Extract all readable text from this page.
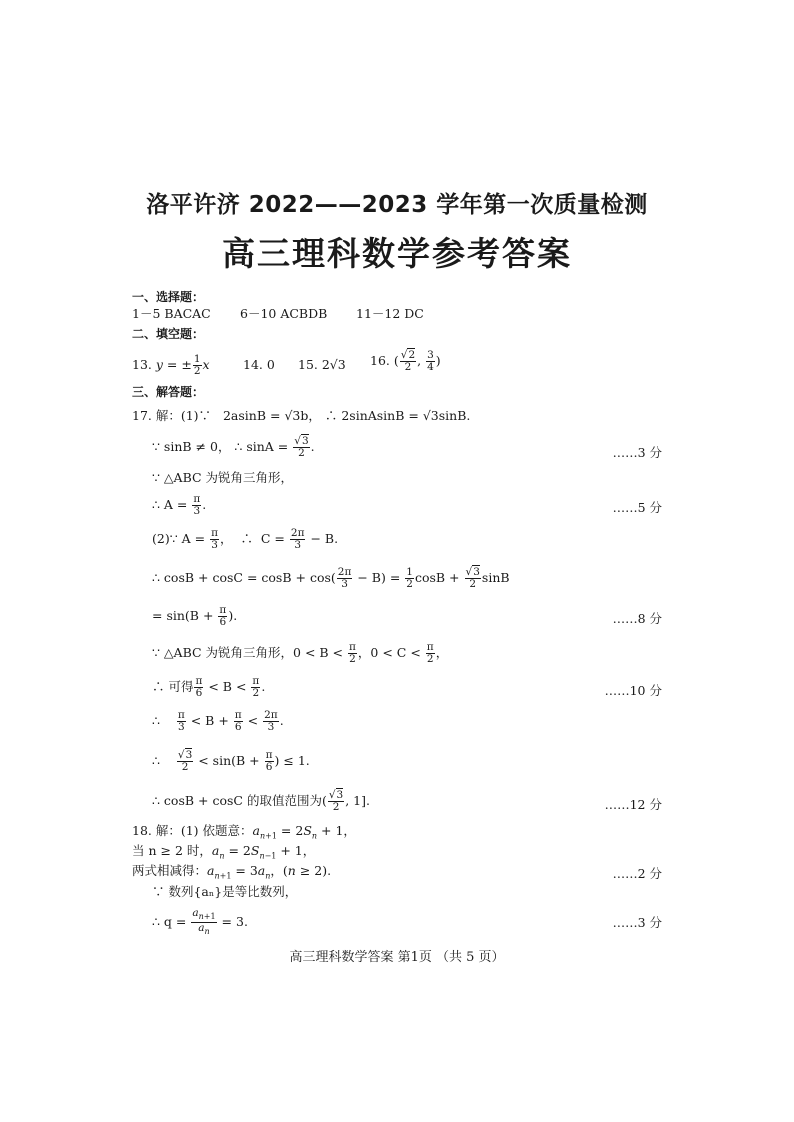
洛平许济 2022——2023 学年第一次质量检测
高三理科数学参考答案
一、选择题：
1－5 BACAC 6－10 ACBDB 11－12 DC
二、填空题：
13. y = ± $\frac{1}{2}$ x	14. 0 15. 2√3 16. ( $\frac{√2}{2}$ , $\frac{3}{4}$ )
三、解答题：
17. 解：(1)∵ 2asinB = √3b， ∴ 2sinAsinB = √3sinB.
∵ sinB ≠ 0， ∴ $\sin A = \frac{√3}{2}$ .	……3 分
∵ △ABC 为锐角三角形，
∴ $A = \frac{\pi}{3}$ .	……5 分
(2)∵ $A = \frac{\pi}{3}$ ，  ∴  $C = \frac{2\pi}{3} - B$.
∴ $\cos B + \cos C = \cos B + \cos( \frac{2\pi}{3} - B) = \frac{1}{2}$ $\cos B + \frac{√3}{2}$ sinB
= $\sin(B + \frac{\pi}{6}$ ).	……8 分
∵ △ABC 为锐角三角形，$0 < B < \frac{\pi}{2}$ ，$0 < C < \frac{\pi}{2}$ ，
∴ 可得 $\frac{\pi}{6} < B < \frac{\pi}{2}$ .	……10 分
∴ $\frac{\pi}{3} < B + \frac{\pi}{6} < \frac{2\pi}{3}$ .
∴ $\frac{√3}{2} < \sin(B + \frac{\pi}{6}$ ) ≤ 1.
∴ cosB + cosC 的取值范围为( $\frac{√3}{2}$ , 1].	……12 分
18. 解：(1) 依题意：$a_{n+1} = 2S_n + 1$，
当 n ≥ 2 时，$a_n = 2S_{n-1} + 1$，
两式相减得：$a_{n+1} = 3a_n$，(n ≥ 2).	……2 分
∵ 数列{aₙ}是等比数列，
∴ $q = \frac{a_{n+1}}{a_n} = 3$.	……3 分
高三理科数学答案 第1页 （共 5 页）
